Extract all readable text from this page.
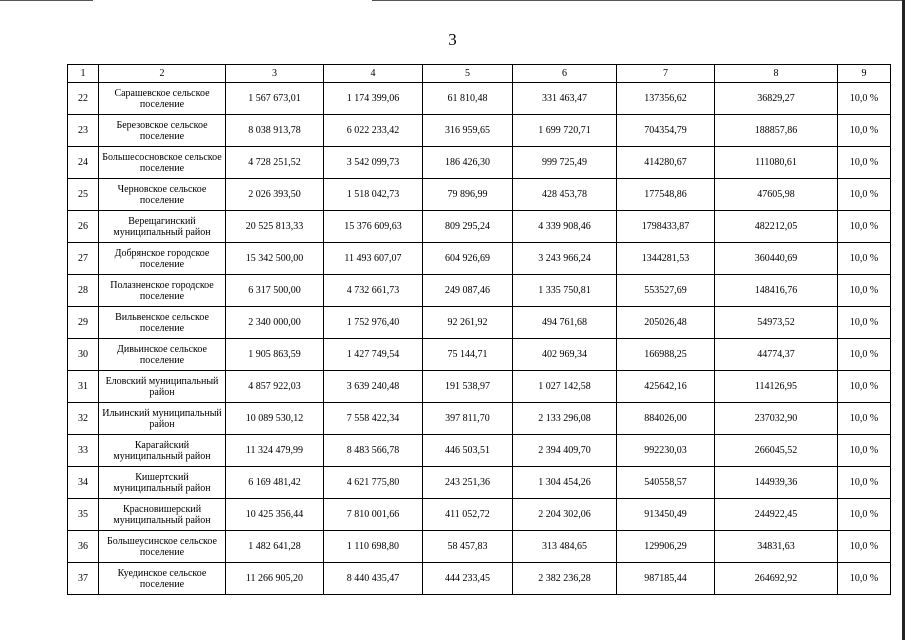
3
1	2	3	4	5	6	7	8	9
22	Сарашевское сельское поселение	1 567 673,01	1 174 399,06	61 810,48	331 463,47	137356,62	36829,27	10,0 %
23	Березовское сельское поселение	8 038 913,78	6 022 233,42	316 959,65	1 699 720,71	704354,79	188857,86	10,0 %
24	Большесосновское сельское поселение	4 728 251,52	3 542 099,73	186 426,30	999 725,49	414280,67	111080,61	10,0 %
25	Черновское сельское поселение	2 026 393,50	1 518 042,73	79 896,99	428 453,78	177548,86	47605,98	10,0 %
26	Верещагинский муниципальный район	20 525 813,33	15 376 609,63	809 295,24	4 339 908,46	1798433,87	482212,05	10,0 %
27	Добрянское городское поселение	15 342 500,00	11 493 607,07	604 926,69	3 243 966,24	1344281,53	360440,69	10,0 %
28	Полазненское городское поселение	6 317 500,00	4 732 661,73	249 087,46	1 335 750,81	553527,69	148416,76	10,0 %
29	Вильвенское сельское поселение	2 340 000,00	1 752 976,40	92 261,92	494 761,68	205026,48	54973,52	10,0 %
30	Дивьинское сельское поселение	1 905 863,59	1 427 749,54	75 144,71	402 969,34	166988,25	44774,37	10,0 %
31	Еловский муниципальный район	4 857 922,03	3 639 240,48	191 538,97	1 027 142,58	425642,16	114126,95	10,0 %
32	Ильинский муниципальный район	10 089 530,12	7 558 422,34	397 811,70	2 133 296,08	884026,00	237032,90	10,0 %
33	Карагайский муниципальный район	11 324 479,99	8 483 566,78	446 503,51	2 394 409,70	992230,03	266045,52	10,0 %
34	Кишертский муниципальный район	6 169 481,42	4 621 775,80	243 251,36	1 304 454,26	540558,57	144939,36	10,0 %
35	Красновишерский муниципальный район	10 425 356,44	7 810 001,66	411 052,72	2 204 302,06	913450,49	244922,45	10,0 %
36	Большеусинское сельское поселение	1 482 641,28	1 110 698,80	58 457,83	313 484,65	129906,29	34831,63	10,0 %
37	Куединское сельское поселение	11 266 905,20	8 440 435,47	444 233,45	2 382 236,28	987185,44	264692,92	10,0 %
